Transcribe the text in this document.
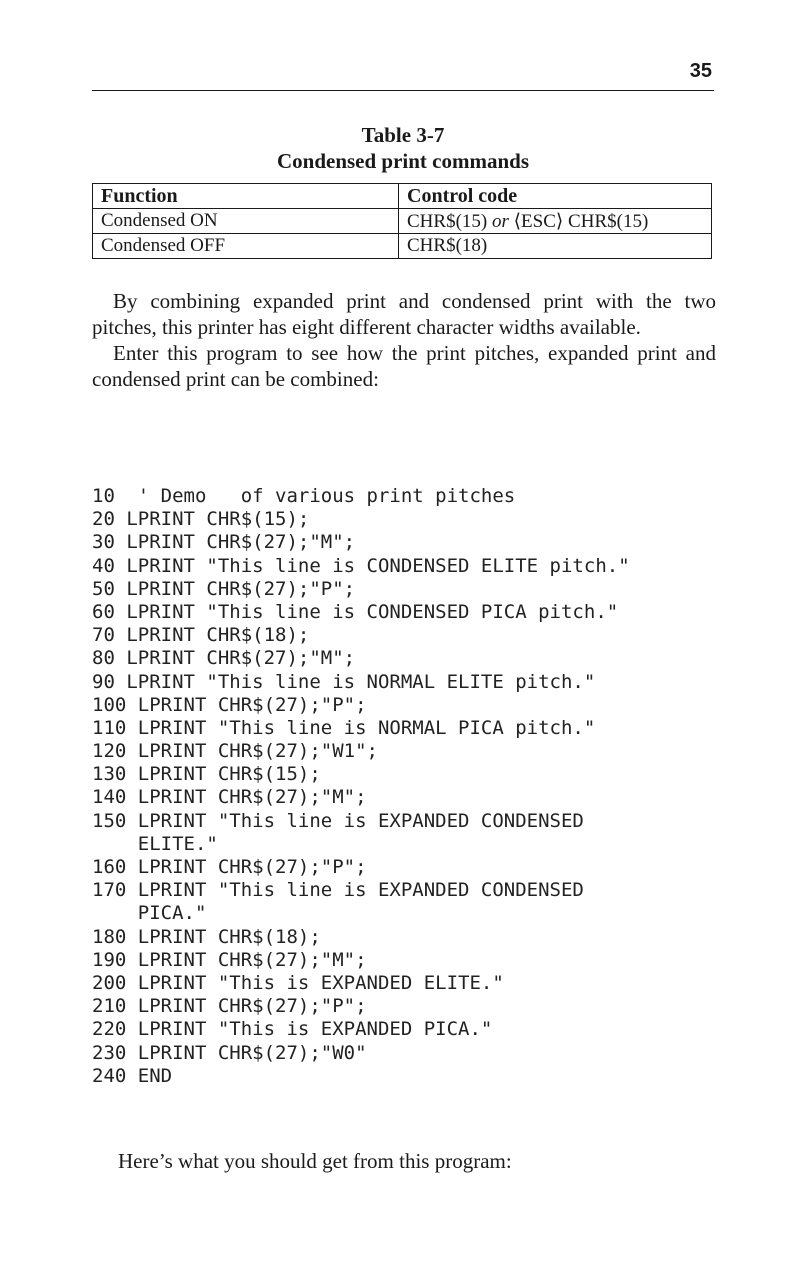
35
Table 3-7
Condensed print commands
Function	Control code
Condensed ON	CHR$(15) or ⟨ESC⟩ CHR$(15)
Condensed OFF	CHR$(18)

By combining expanded print and condensed print with the two pitches, this printer has eight different character widths available.

Enter this program to see how the print pitches, expanded print and condensed print can be combined:

10  ' Demo   of various print pitches
20 LPRINT CHR$(15);
30 LPRINT CHR$(27);"M";
40 LPRINT "This line is CONDENSED ELITE pitch."
50 LPRINT CHR$(27);"P";
60 LPRINT "This line is CONDENSED PICA pitch."
70 LPRINT CHR$(18);
80 LPRINT CHR$(27);"M";
90 LPRINT "This line is NORMAL ELITE pitch."
100 LPRINT CHR$(27);"P";
110 LPRINT "This line is NORMAL PICA pitch."
120 LPRINT CHR$(27);"W1";
130 LPRINT CHR$(15);
140 LPRINT CHR$(27);"M";
150 LPRINT "This line is EXPANDED CONDENSED
ELITE."
160 LPRINT CHR$(27);"P";
170 LPRINT "This line is EXPANDED CONDENSED
PICA."
180 LPRINT CHR$(18);
190 LPRINT CHR$(27);"M";
200 LPRINT "This is EXPANDED ELITE."
210 LPRINT CHR$(27);"P";
220 LPRINT "This is EXPANDED PICA."
230 LPRINT CHR$(27);"W0"
240 END
Here’s what you should get from this program:
